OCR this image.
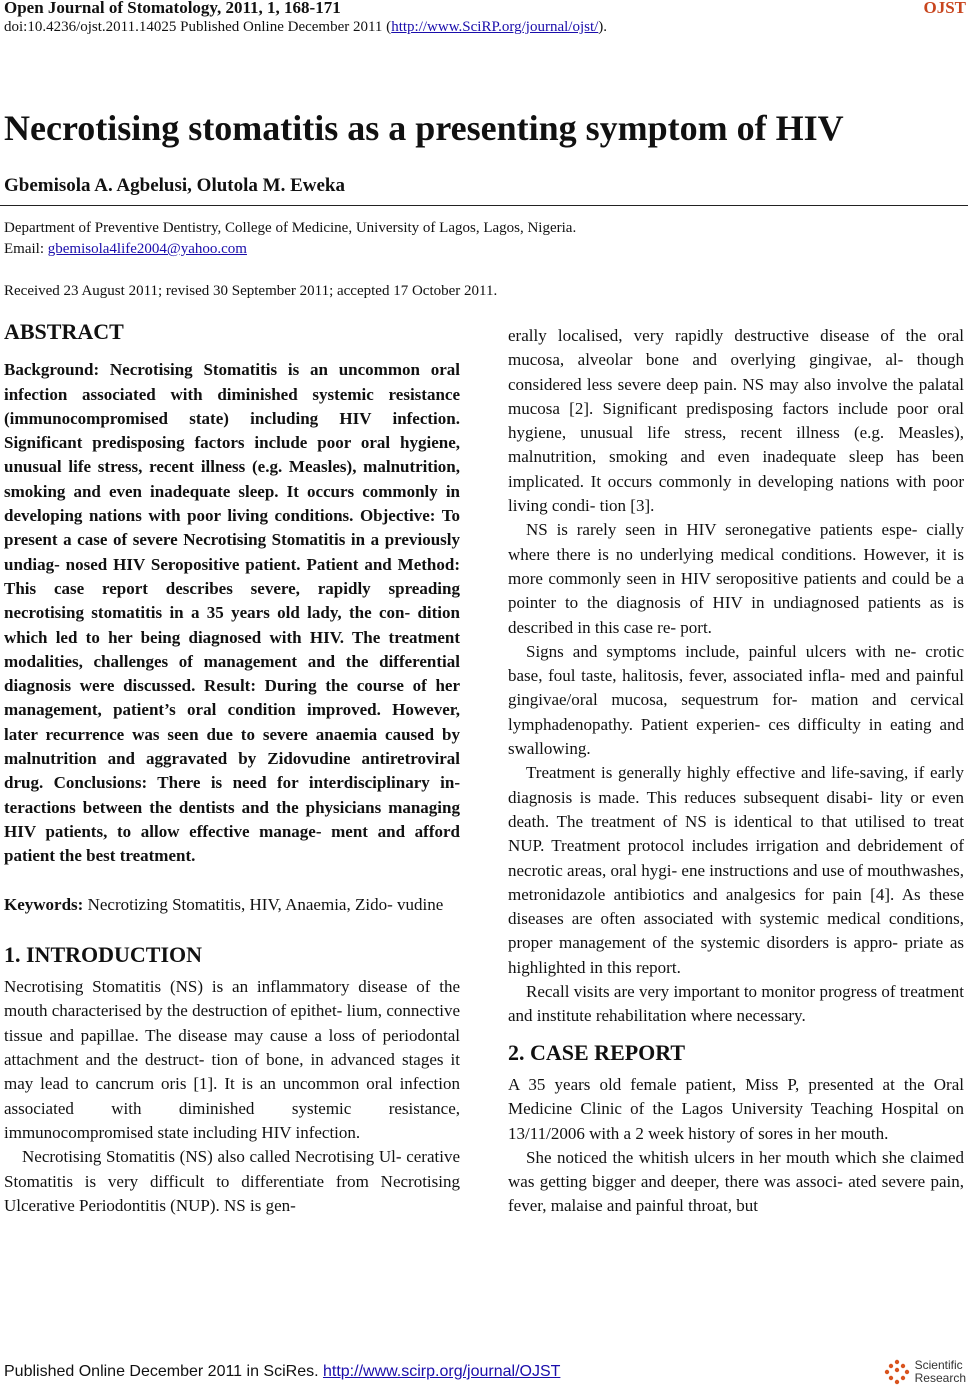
Open Journal of Stomatology, 2011, 1, 168-171	OJST
doi:10.4236/ojst.2011.14025 Published Online December 2011 (http://www.SciRP.org/journal/ojst/).
Necrotising stomatitis as a presenting symptom of HIV
Gbemisola A. Agbelusi, Olutola M. Eweka
Department of Preventive Dentistry, College of Medicine, University of Lagos, Lagos, Nigeria.
Email: gbemisola4life2004@yahoo.com
Received 23 August 2011; revised 30 September 2011; accepted 17 October 2011.
ABSTRACT

Background: Necrotising Stomatitis is an uncommon oral infection associated with diminished systemic resistance (immunocompromised state) including HIV infection. Significant predisposing factors include poor oral hygiene, unusual life stress, recent illness (e.g. Measles), malnutrition, smoking and even inadequate sleep. It occurs commonly in developing nations with poor living conditions. Objective: To present a case of severe Necrotising Stomatitis in a previously undiag- nosed HIV Seropositive patient. Patient and Method: This case report describes severe, rapidly spreading necrotising stomatitis in a 35 years old lady, the con- dition which led to her being diagnosed with HIV. The treatment modalities, challenges of management and the differential diagnosis were discussed. Result: During the course of her management, patient’s oral condition improved. However, later recurrence was seen due to severe anaemia caused by malnutrition and aggravated by Zidovudine antiretroviral drug. Conclusions: There is need for interdisciplinary in- teractions between the dentists and the physicians managing HIV patients, to allow effective manage- ment and afford patient the best treatment.

Keywords: Necrotizing Stomatitis, HIV, Anaemia, Zido- vudine

1. INTRODUCTION

Necrotising Stomatitis (NS) is an inflammatory disease of the mouth characterised by the destruction of epithet- lium, connective tissue and papillae. The disease may cause a loss of periodontal attachment and the destruct- tion of bone, in advanced stages it may lead to cancrum oris [1]. It is an uncommon oral infection associated with diminished systemic resistance, immunocompromised state including HIV infection.

Necrotising Stomatitis (NS) also called Necrotising Ul- cerative Stomatitis is very difficult to differentiate from Necrotising Ulcerative Periodontitis (NUP). NS is gen-

erally localised, very rapidly destructive disease of the oral mucosa, alveolar bone and overlying gingivae, al- though considered less severe deep pain. NS may also involve the palatal mucosa [2]. Significant predisposing factors include poor oral hygiene, unusual life stress, recent illness (e.g. Measles), malnutrition, smoking and even inadequate sleep has been implicated. It occurs commonly in developing nations with poor living condi- tion [3].

NS is rarely seen in HIV seronegative patients espe- cially where there is no underlying medical conditions. However, it is more commonly seen in HIV seropositive patients and could be a pointer to the diagnosis of HIV in undiagnosed patients as is described in this case re- port.

Signs and symptoms include, painful ulcers with ne- crotic base, foul taste, halitosis, fever, associated infla- med and painful gingivae/oral mucosa, sequestrum for- mation and cervical lymphadenopathy. Patient experien- ces difficulty in eating and swallowing.

Treatment is generally highly effective and life-saving, if early diagnosis is made. This reduces subsequent disabi- lity or even death. The treatment of NS is identical to that utilised to treat NUP. Treatment protocol includes irrigation and debridement of necrotic areas, oral hygi- ene instructions and use of mouthwashes, metronidazole antibiotics and analgesics for pain [4]. As these diseases are often associated with systemic medical conditions, proper management of the systemic disorders is appro- priate as highlighted in this report.

Recall visits are very important to monitor progress of treatment and institute rehabilitation where necessary.

2. CASE REPORT

A 35 years old female patient, Miss P, presented at the Oral Medicine Clinic of the Lagos University Teaching Hospital on 13/11/2006 with a 2 week history of sores in her mouth.

She noticed the whitish ulcers in her mouth which she claimed was getting bigger and deeper, there was associ- ated severe pain, fever, malaise and painful throat, but

Published Online December 2011 in SciRes. http://www.scirp.org/journal/OJST	Scientific
Research
